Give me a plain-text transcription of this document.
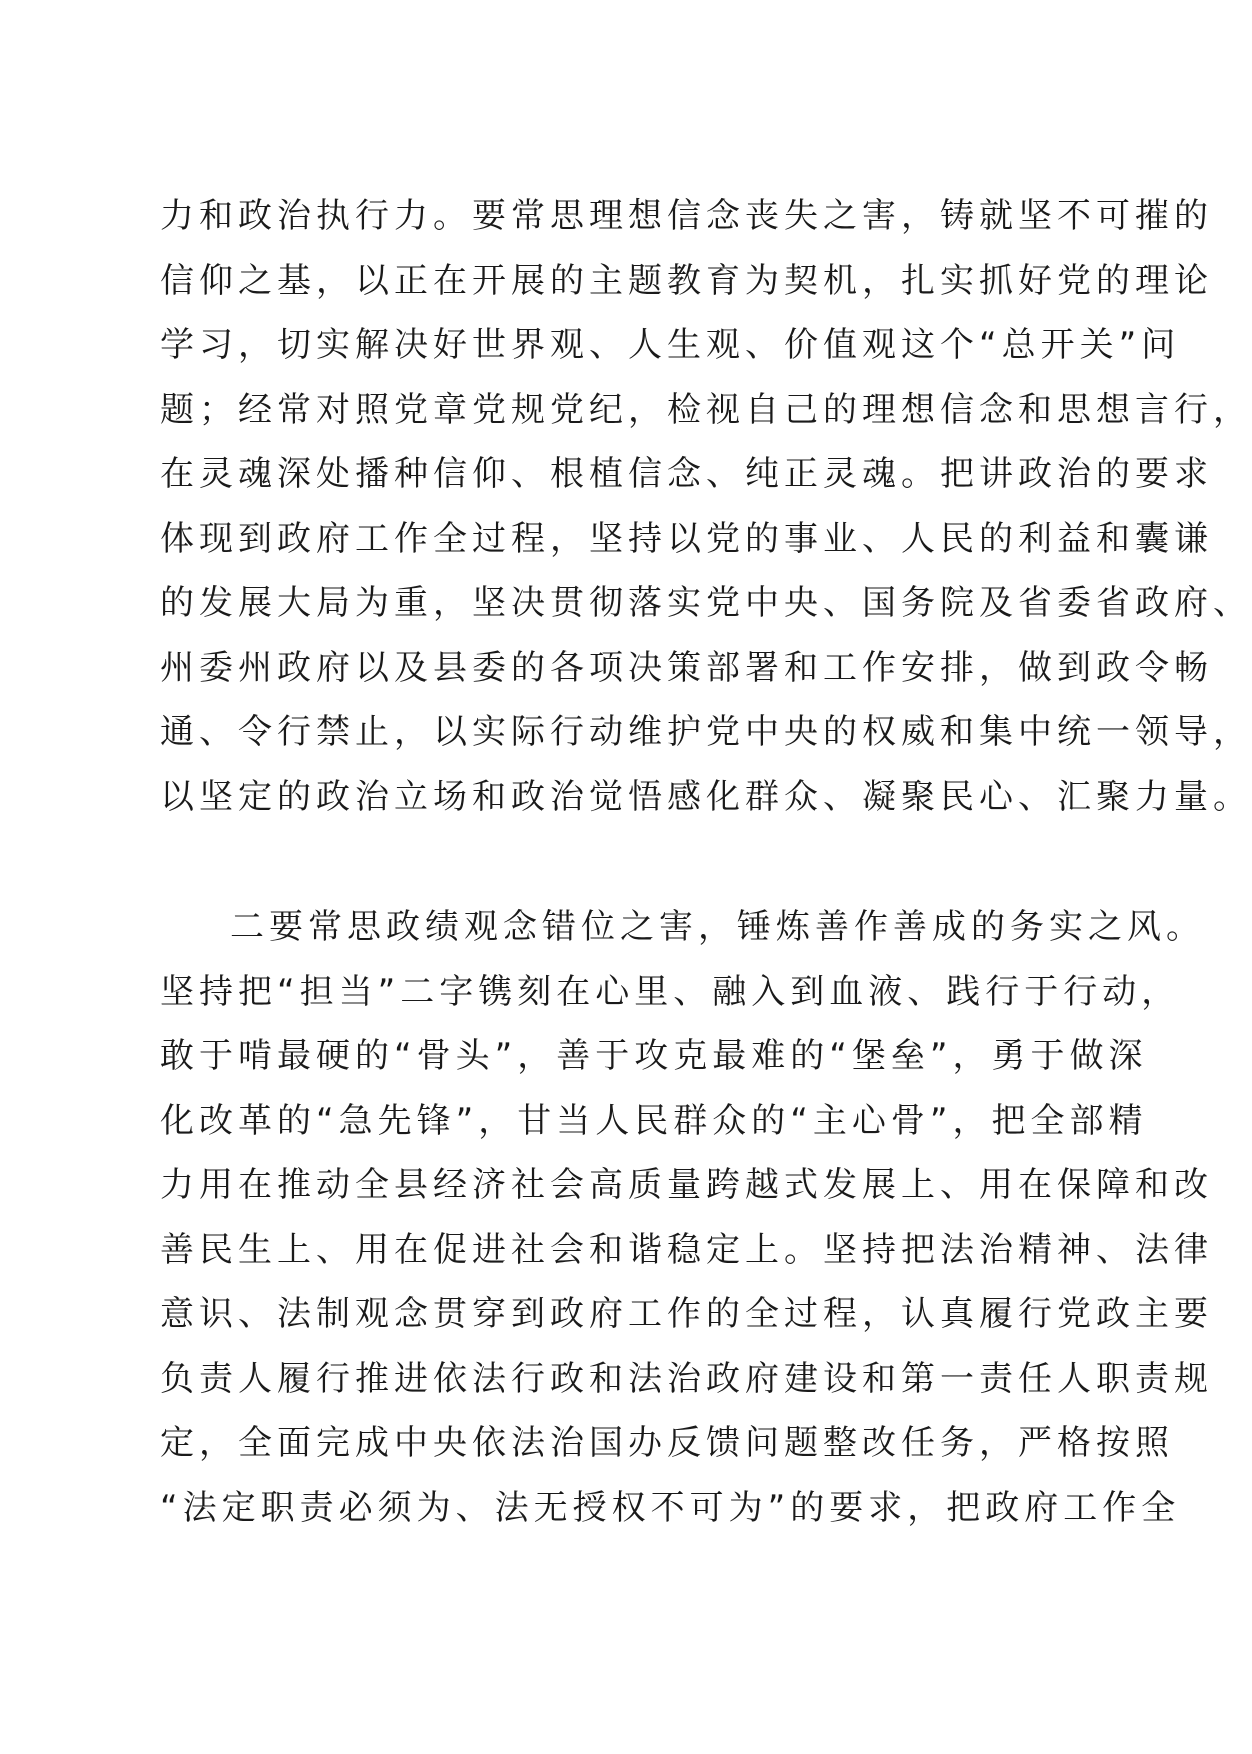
力和政治执行力。要常思理想信念丧失之害，铸就坚不可摧的
信仰之基，以正在开展的主题教育为契机，扎实抓好党的理论
学习，切实解决好世界观、人生观、价值观这个“总开关”问
题；经常对照党章党规党纪，检视自己的理想信念和思想言行，
在灵魂深处播种信仰、根植信念、纯正灵魂。把讲政治的要求
体现到政府工作全过程，坚持以党的事业、人民的利益和囊谦
的发展大局为重，坚决贯彻落实党中央、国务院及省委省政府、
州委州政府以及县委的各项决策部署和工作安排，做到政令畅
通、令行禁止，以实际行动维护党中央的权威和集中统一领导，
以坚定的政治立场和政治觉悟感化群众、凝聚民心、汇聚力量。
二要常思政绩观念错位之害，锤炼善作善成的务实之风。
坚持把“担当”二字镌刻在心里、融入到血液、践行于行动，
敢于啃最硬的“骨头”，善于攻克最难的“堡垒”，勇于做深
化改革的“急先锋”，甘当人民群众的“主心骨”，把全部精
力用在推动全县经济社会高质量跨越式发展上、用在保障和改
善民生上、用在促进社会和谐稳定上。坚持把法治精神、法律
意识、法制观念贯穿到政府工作的全过程，认真履行党政主要
负责人履行推进依法行政和法治政府建设和第一责任人职责规
定，全面完成中央依法治国办反馈问题整改任务，严格按照
“法定职责必须为、法无授权不可为”的要求，把政府工作全
